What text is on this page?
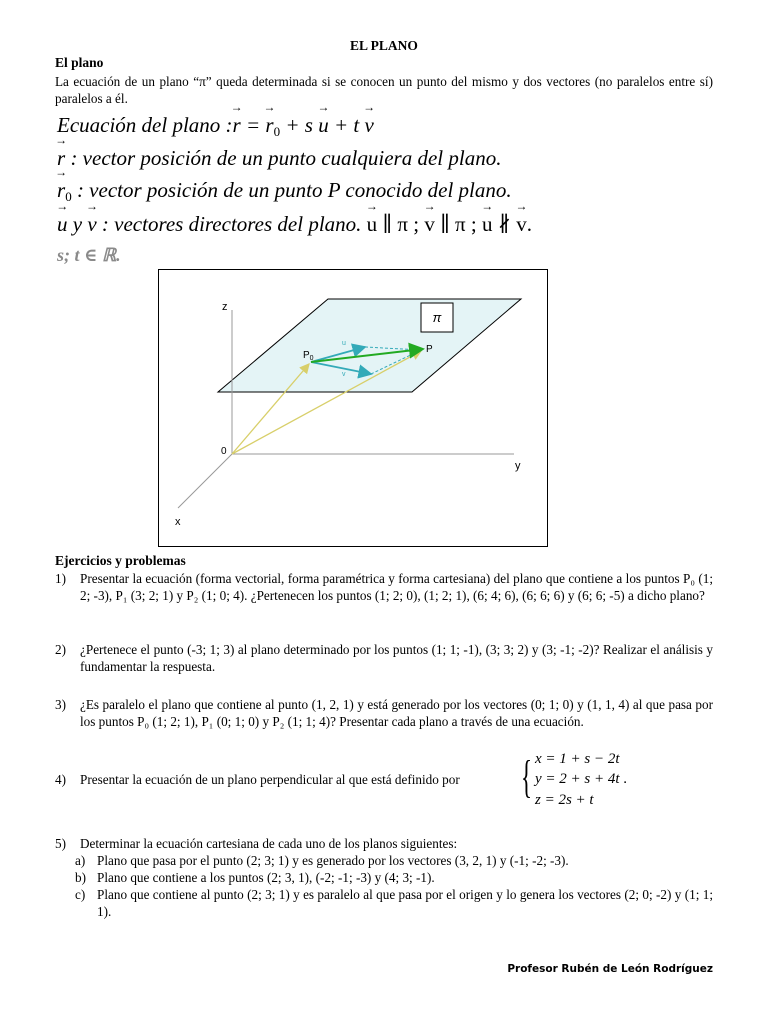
EL PLANO
El plano
La ecuación de un plano “π” queda determinada si se conocen un punto del mismo y dos vectores (no paralelos entre sí) paralelos a él.
Ecuación del plano :→ r = → $r_0 + s \to u + t \to v$
→ r : vector posición de un punto cualquiera del plano.
→ $r_0$ : vector posición de un punto P conocido del plano.
→ u y → v : vectores directores del plano. → u ∥ π ; → v ∥ π ; → u ∦ → v.
s; t ∈ ℝ.
π
z
y
x
0
$P_0$
P
u
v
Ejercicios y problemas
1) Presentar la ecuación (forma vectorial, forma paramétrica y forma cartesiana) del plano que contiene a los puntos P₀ (1; 2; -3), P₁ (3; 2; 1) y P₂ (1; 0; 4). ¿Pertenecen los puntos (1; 2; 0), (1; 2; 1), (6; 4; 6), (6; 6; 6) y (6; 6; -5) a dicho plano?
2) ¿Pertenece el punto (-3; 1; 3) al plano determinado por los puntos (1; 1; -1), (3; 3; 2) y (3; -1; -2)? Realizar el análisis y fundamentar la respuesta.
3) ¿Es paralelo el plano que contiene al punto (1, 2, 1) y está generado por los vectores (0; 1; 0) y (1, 1, 4) al que pasa por los puntos P₀ (1; 2; 1), P₁ (0; 1; 0) y P₂ (1; 1; 4)? Presentar cada plano a través de una ecuación.
4) Presentar la ecuación de un plano perpendicular al que está definido por	{ x = 1 + s − 2t
y = 2 + s + 4t .
z = 2s + t
5) Determinar la ecuación cartesiana de cada uno de los planos siguientes:
a) Plano que pasa por el punto (2; 3; 1) y es generado por los vectores (3, 2, 1) y (-1; -2; -3).
b) Plano que contiene a los puntos (2; 3, 1), (-2; -1; -3) y (4; 3; -1).
c) Plano que contiene al punto (2; 3; 1) y es paralelo al que pasa por el origen y lo genera los vectores (2; 0; -2) y (1; 1; 1).
Profesor Rubén de León Rodríguez
